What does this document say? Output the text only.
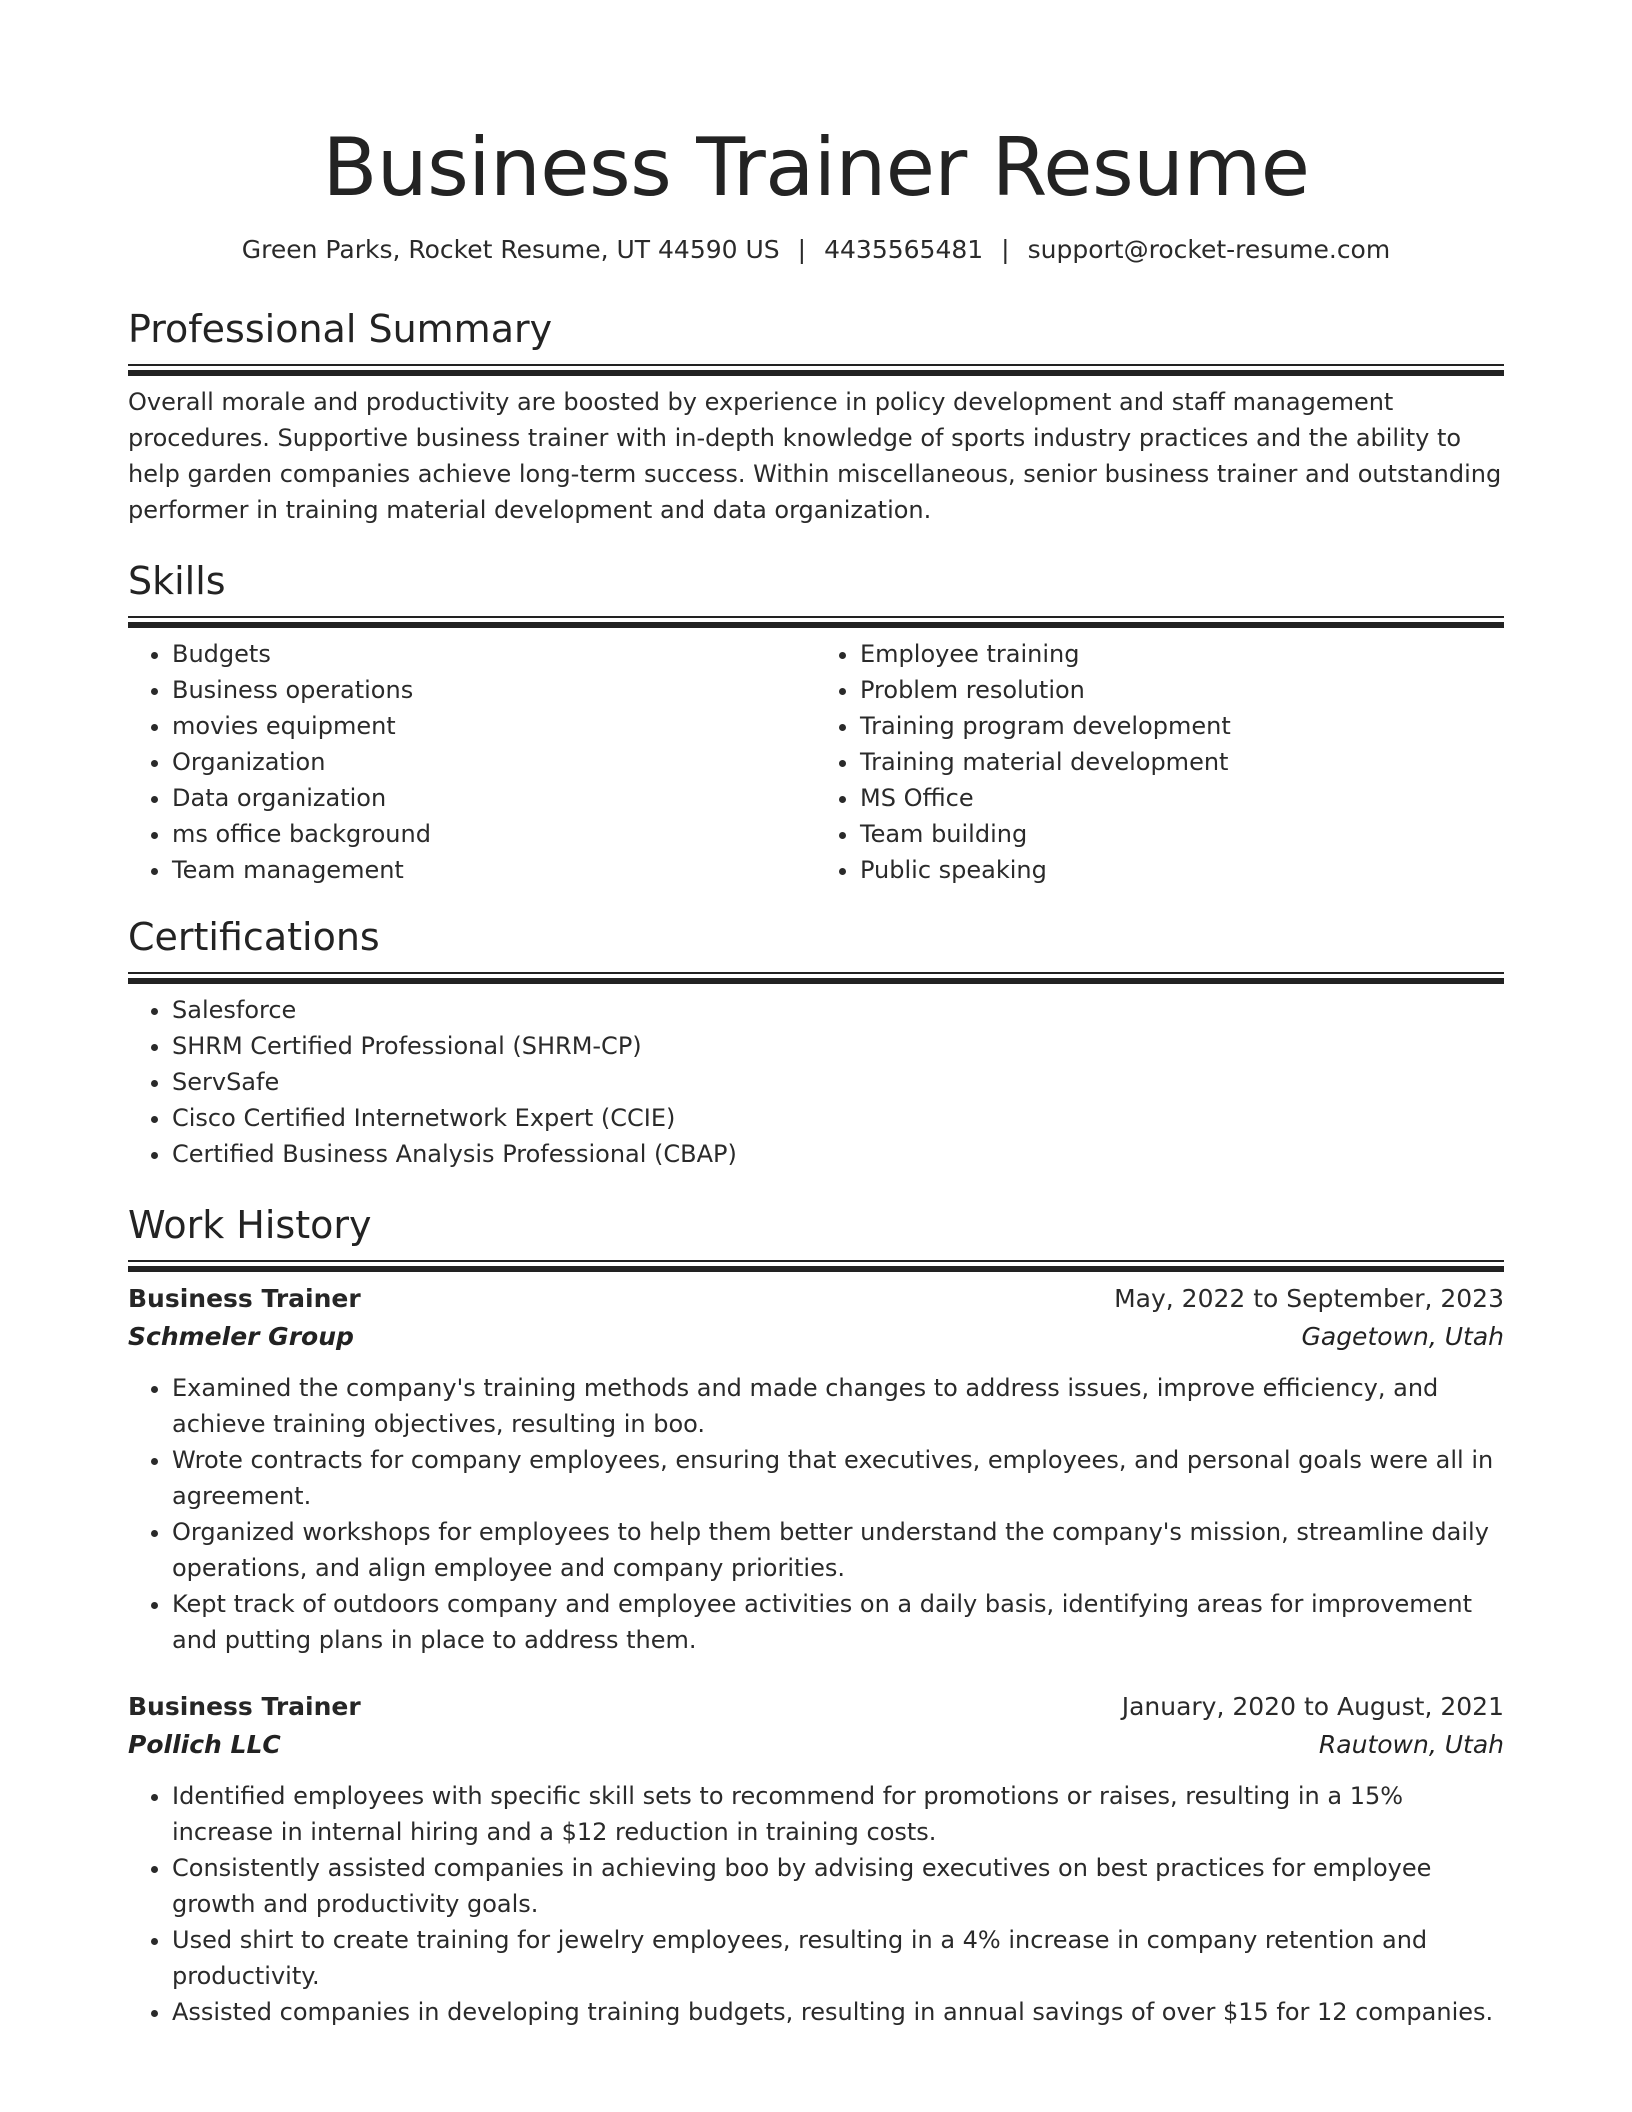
Business Trainer Resume
Green Parks, Rocket Resume, UT 44590 US | 4435565481 | support@rocket-resume.com
Professional Summary

Overall morale and productivity are boosted by experience in policy development and staff management procedures. Supportive business trainer with in-depth knowledge of sports industry practices and the ability to help garden companies achieve long-term success. Within miscellaneous, senior business trainer and outstanding performer in training material development and data organization.

Skills
• Budgets
• Business operations
• movies equipment
• Organization
• Data organization
• ms office background
• Team management
• Employee training
• Problem resolution
• Training program development
• Training material development
• MS Office
• Team building
• Public speaking
Certifications
• Salesforce
• SHRM Certified Professional (SHRM-CP)
• ServSafe
• Cisco Certified Internetwork Expert (CCIE)
• Certified Business Analysis Professional (CBAP)
Work History
Business Trainer	May, 2022 to September, 2023
Schmeler Group	Gagetown, Utah
• Examined the company's training methods and made changes to address issues, improve efficiency, and achieve training objectives, resulting in boo.
• Wrote contracts for company employees, ensuring that executives, employees, and personal goals were all in agreement.
• Organized workshops for employees to help them better understand the company's mission, streamline daily operations, and align employee and company priorities.
• Kept track of outdoors company and employee activities on a daily basis, identifying areas for improvement and putting plans in place to address them.
Business Trainer	January, 2020 to August, 2021
Pollich LLC	Rautown, Utah
• Identified employees with specific skill sets to recommend for promotions or raises, resulting in a 15% increase in internal hiring and a $12 reduction in training costs.
• Consistently assisted companies in achieving boo by advising executives on best practices for employee growth and productivity goals.
• Used shirt to create training for jewelry employees, resulting in a 4% increase in company retention and productivity.
• Assisted companies in developing training budgets, resulting in annual savings of over $15 for 12 companies.
